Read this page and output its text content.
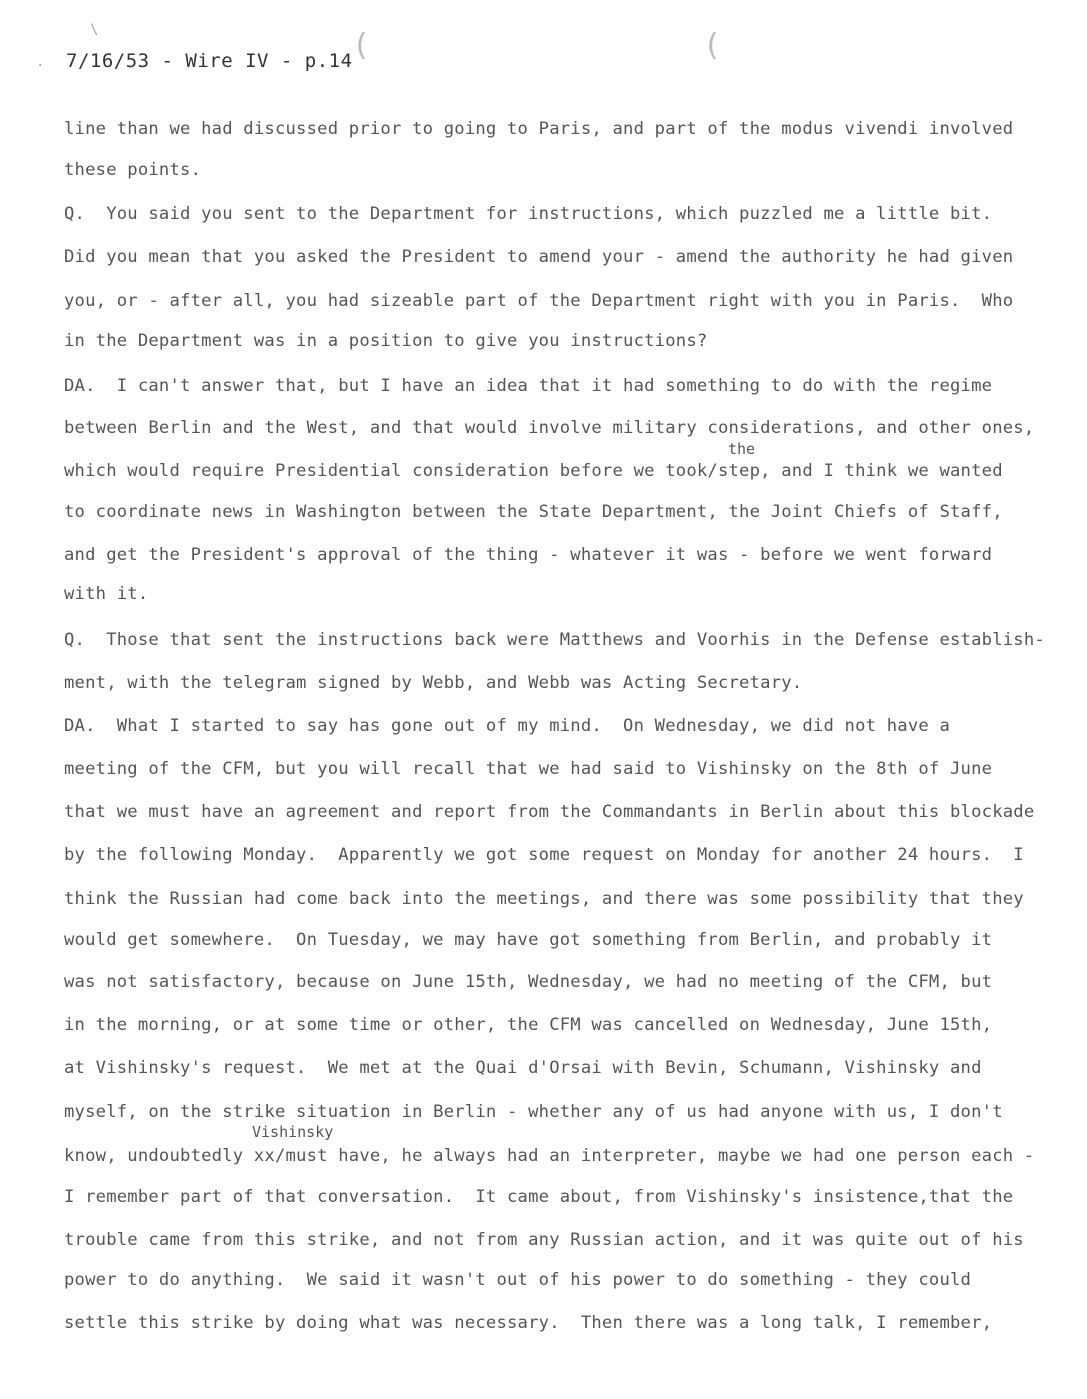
7/16/53 - Wire IV - p.14 (	(
\
·
line than we had discussed prior to going to Paris, and part of the modus vivendi involved
these points.
Q.  You said you sent to the Department for instructions, which puzzled me a little bit.
Did you mean that you asked the President to amend your - amend the authority he had given
you, or - after all, you had sizeable part of the Department right with you in Paris.  Who
in the Department was in a position to give you instructions?
DA.  I can't answer that, but I have an idea that it had something to do with the regime
between Berlin and the West, and that would involve military considerations, and other ones,
which would require Presidential consideration before we took/step, and I think we wanted
to coordinate news in Washington between the State Department, the Joint Chiefs of Staff,
and get the President's approval of the thing - whatever it was - before we went forward
with it.
Q.  Those that sent the instructions back were Matthews and Voorhis in the Defense establish-
ment, with the telegram signed by Webb, and Webb was Acting Secretary.
DA.  What I started to say has gone out of my mind.  On Wednesday, we did not have a
meeting of the CFM, but you will recall that we had said to Vishinsky on the 8th of June
that we must have an agreement and report from the Commandants in Berlin about this blockade
by the following Monday.  Apparently we got some request on Monday for another 24 hours.  I
think the Russian had come back into the meetings, and there was some possibility that they
would get somewhere.  On Tuesday, we may have got something from Berlin, and probably it
was not satisfactory, because on June 15th, Wednesday, we had no meeting of the CFM, but
in the morning, or at some time or other, the CFM was cancelled on Wednesday, June 15th,
at Vishinsky's request.  We met at the Quai d'Orsai with Bevin, Schumann, Vishinsky and
myself, on the strike situation in Berlin - whether any of us had anyone with us, I don't
know, undoubtedly xx/must have, he always had an interpreter, maybe we had one person each -
I remember part of that conversation.  It came about, from Vishinsky's insistence,that the
trouble came from this strike, and not from any Russian action, and it was quite out of his
power to do anything.  We said it wasn't out of his power to do something - they could
settle this strike by doing what was necessary.  Then there was a long talk, I remember,
the
Vishinsky
